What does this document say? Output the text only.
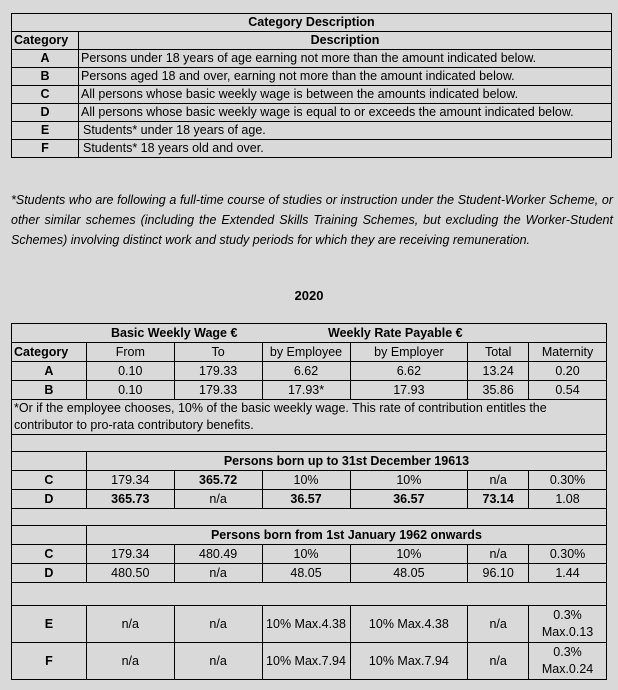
Category Description	
Category	Description
A	Persons under 18 years of age earning not more than the amount indicated below.
B	Persons aged 18 and over, earning not more than the amount indicated below.
C	All persons whose basic weekly wage is between the amounts indicated below.
D	All persons whose basic weekly wage is equal to or exceeds the amount indicated below.
E	Students* under 18 years of age.
F	Students* 18 years old and over.

*Students who are following a full-time course of studies or instruction under the Student-Worker Scheme, or other similar schemes (including the Extended Skills Training Schemes, but excluding the Worker-Student Schemes) involving distinct work and study periods for which they are receiving remuneration.

2020
	Basic Weekly Wage €		Weekly Rate Payable €			
Category	From	To	by Employee	by Employer	Total	Maternity
A	0.10	179.33	6.62	6.62	13.24	0.20
B	0.10	179.33	17.93*	17.93	35.86	0.54
*Or if the employee chooses, 10% of the basic weekly wage. This rate of contribution entitles the contributor to pro-rata contributory benefits.						

	Persons born up to 31st December 19613					
C	179.34	365.72	10%	10%	n/a	0.30%
D	365.73	n/a	36.57	36.57	73.14	1.08

	Persons born from 1st January 1962 onwards					
C	179.34	480.49	10%	10%	n/a	0.30%
D	480.50	n/a	48.05	48.05	96.10	1.44

E	n/a	n/a	10% Max.4.38	10% Max.4.38	n/a	0.3%
Max.0.13
F	n/a	n/a	10% Max.7.94	10% Max.7.94	n/a	0.3%
Max.0.24
